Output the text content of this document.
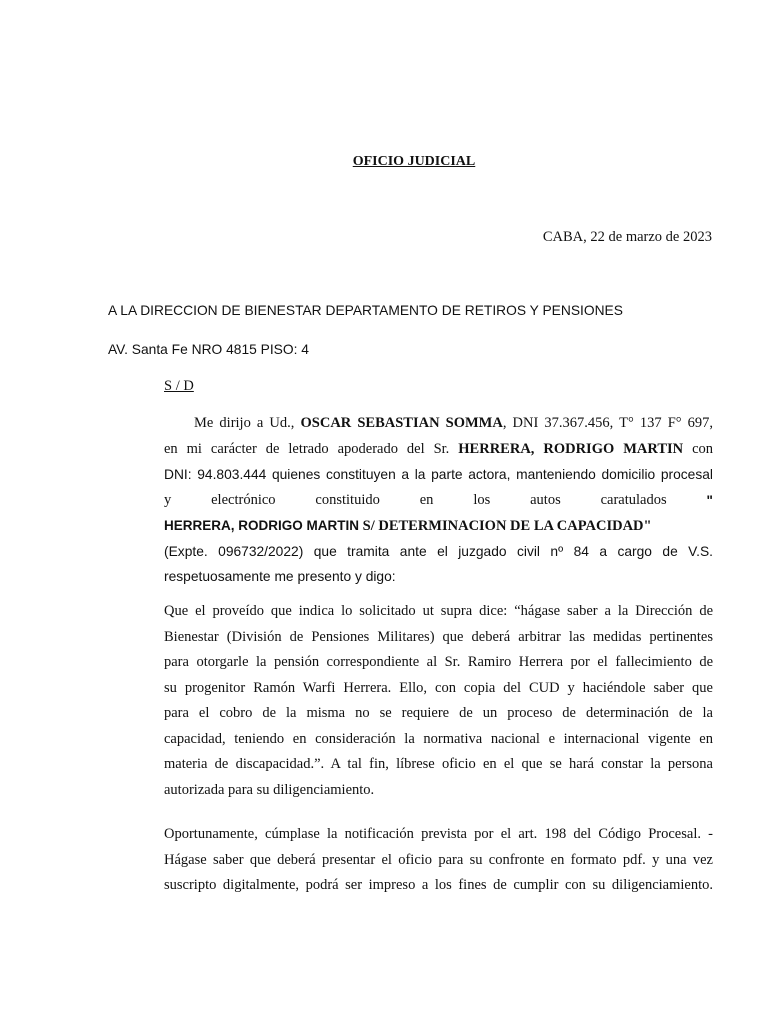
OFICIO JUDICIAL
CABA, 22 de marzo de 2023
A LA DIRECCION DE BIENESTAR DEPARTAMENTO DE RETIROS Y PENSIONES
AV. Santa Fe NRO 4815 PISO: 4
S / D
Me dirijo a Ud., OSCAR SEBASTIAN SOMMA, DNI 37.367.456, T° 137 F° 697,
en mi carácter de letrado apoderado del Sr. HERRERA, RODRIGO MARTIN con
DNI: 94.803.444 quienes constituyen a la parte actora, manteniendo domicilio procesal
y	electrónico	constituido	en	los	autos	caratulados	"
HERRERA, RODRIGO MARTIN S/ DETERMINACION DE LA CAPACIDAD"
(Expte. 096732/2022) que tramita ante el juzgado civil nº 84 a cargo de V.S.
respetuosamente me presento y digo:
Que el proveído que indica lo solicitado ut supra dice: “hágase saber a la Dirección de
Bienestar (División de Pensiones Militares) que deberá arbitrar las medidas pertinentes
para otorgarle la pensión correspondiente al Sr. Ramiro Herrera por el fallecimiento de
su progenitor Ramón Warfi Herrera. Ello, con copia del CUD y haciéndole saber que
para el cobro de la misma no se requiere de un proceso de determinación de la
capacidad, teniendo en consideración la normativa nacional e internacional vigente en
materia de discapacidad.”. A tal fin, líbrese oficio en el que se hará constar la persona
autorizada para su diligenciamiento.
Oportunamente, cúmplase la notificación prevista por el art. 198 del Código Procesal. -
Hágase saber que deberá presentar el oficio para su confronte en formato pdf. y una vez
suscripto digitalmente, podrá ser impreso a los fines de cumplir con su diligenciamiento.
